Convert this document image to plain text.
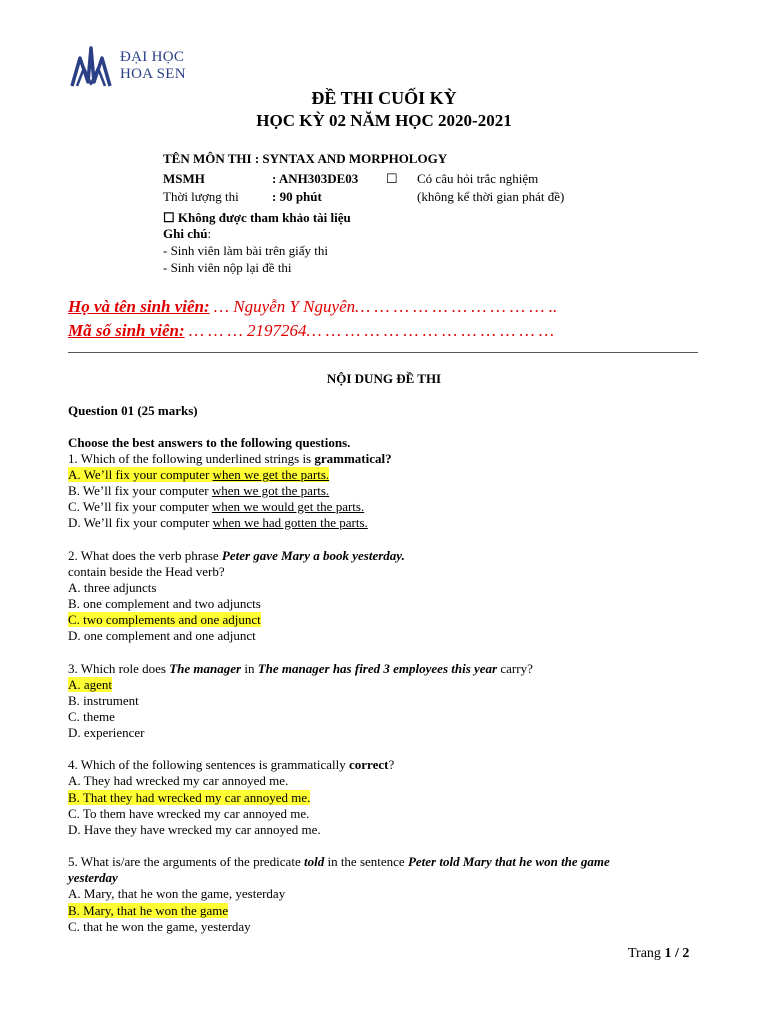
ĐẠI HỌC
HOA SEN
ĐỀ THI CUỐI KỲ
HỌC KỲ 02 NĂM HỌC 2020-2021
TÊN MÔN THI : SYNTAX AND MORPHOLOGY
MSMH	: ANH303DE03 ☐ Có câu hỏi trắc nghiệm
Thời lượng thi	: 90 phút	(không kể thời gian phát đề)
☐ Không được tham khảo tài liệu
Ghi chú:
- Sinh viên làm bài trên giấy thi
- Sinh viên nộp lại đề thi
Họ và tên sinh viên: … Nguyễn Y Nguyên… … … … … … … … … … ..
Mã số sinh viên: … … … 2197264… … … … … … … … … … … … …
NỘI DUNG ĐỀ THI
Question 01 (25 marks)
Choose the best answers to the following questions.
1. Which of the following underlined strings is grammatical?
A. We’ll fix your computer when we get the parts.
B. We’ll fix your computer when we got the parts.
C. We’ll fix your computer when we would get the parts.
D. We’ll fix your computer when we had gotten the parts.
2. What does the verb phrase Peter gave Mary a book yesterday.
contain beside the Head verb?
A. three adjuncts
B. one complement and two adjuncts
C. two complements and one adjunct
D. one complement and one adjunct
3. Which role does The manager in The manager has fired 3 employees this year carry?
A. agent
B. instrument
C. theme
D. experiencer
4. Which of the following sentences is grammatically correct?
A. They had wrecked my car annoyed me.
B. That they had wrecked my car annoyed me.
C. To them have wrecked my car annoyed me.
D. Have they have wrecked my car annoyed me.
5. What is/are the arguments of the predicate told in the sentence Peter told Mary that he won the game
yesterday
A. Mary, that he won the game, yesterday
B. Mary, that he won the game
C. that he won the game, yesterday
Trang 1 / 2
